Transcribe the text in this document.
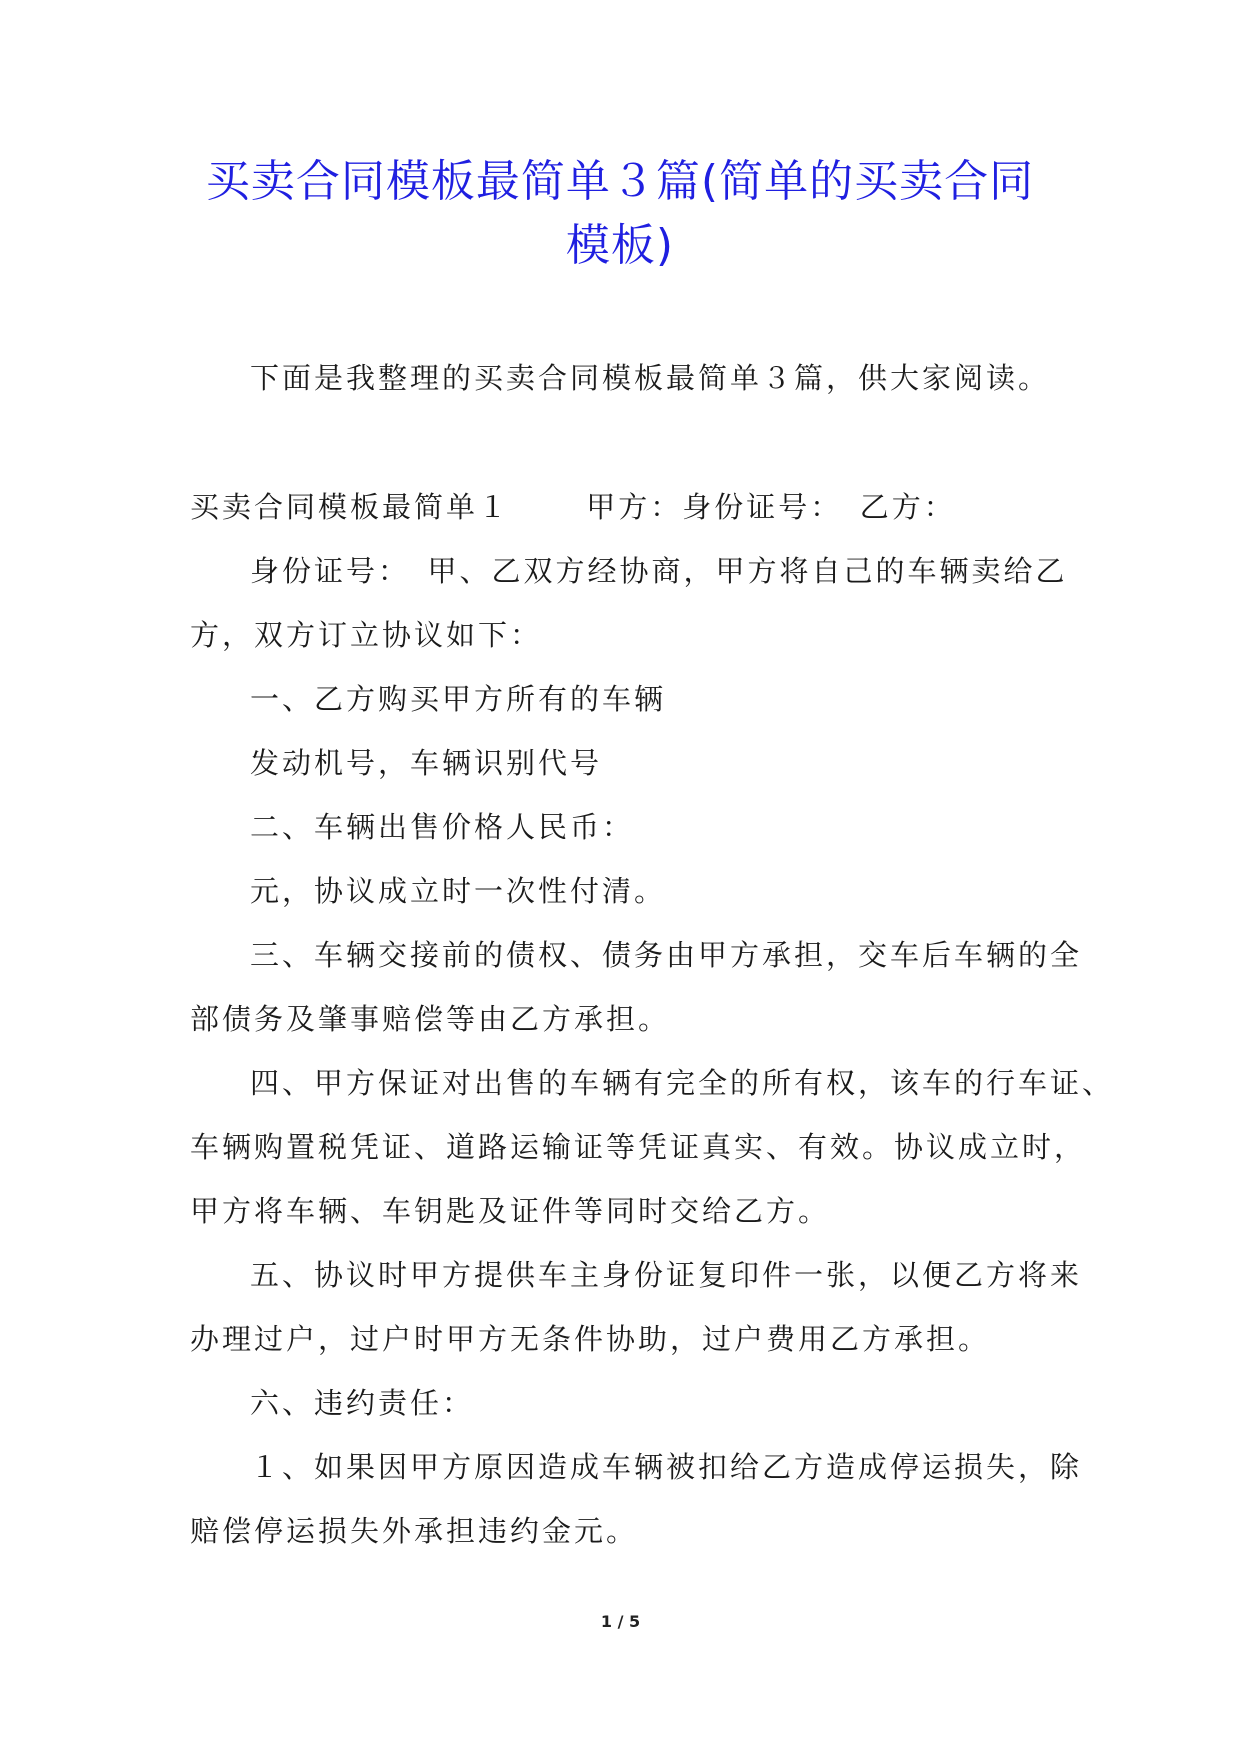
买卖合同模板最简单３篇(简单的买卖合同
模板)

下面是我整理的买卖合同模板最简单３篇，供大家阅读。

买卖合同模板最简单１　　 甲方：身份证号：　乙方：

身份证号：　甲、乙双方经协商，甲方将自己的车辆卖给乙
方，双方订立协议如下：

一、乙方购买甲方所有的车辆

发动机号，车辆识别代号

二、车辆出售价格人民币：

元，协议成立时一次性付清。

三、车辆交接前的债权、债务由甲方承担，交车后车辆的全
部债务及肇事赔偿等由乙方承担。

四、甲方保证对出售的车辆有完全的所有权，该车的行车证、
车辆购置税凭证、道路运输证等凭证真实、有效。协议成立时，
甲方将车辆、车钥匙及证件等同时交给乙方。

五、协议时甲方提供车主身份证复印件一张，以便乙方将来
办理过户，过户时甲方无条件协助，过户费用乙方承担。

六、违约责任：

１、如果因甲方原因造成车辆被扣给乙方造成停运损失，除
赔偿停运损失外承担违约金元。

1 / 5
